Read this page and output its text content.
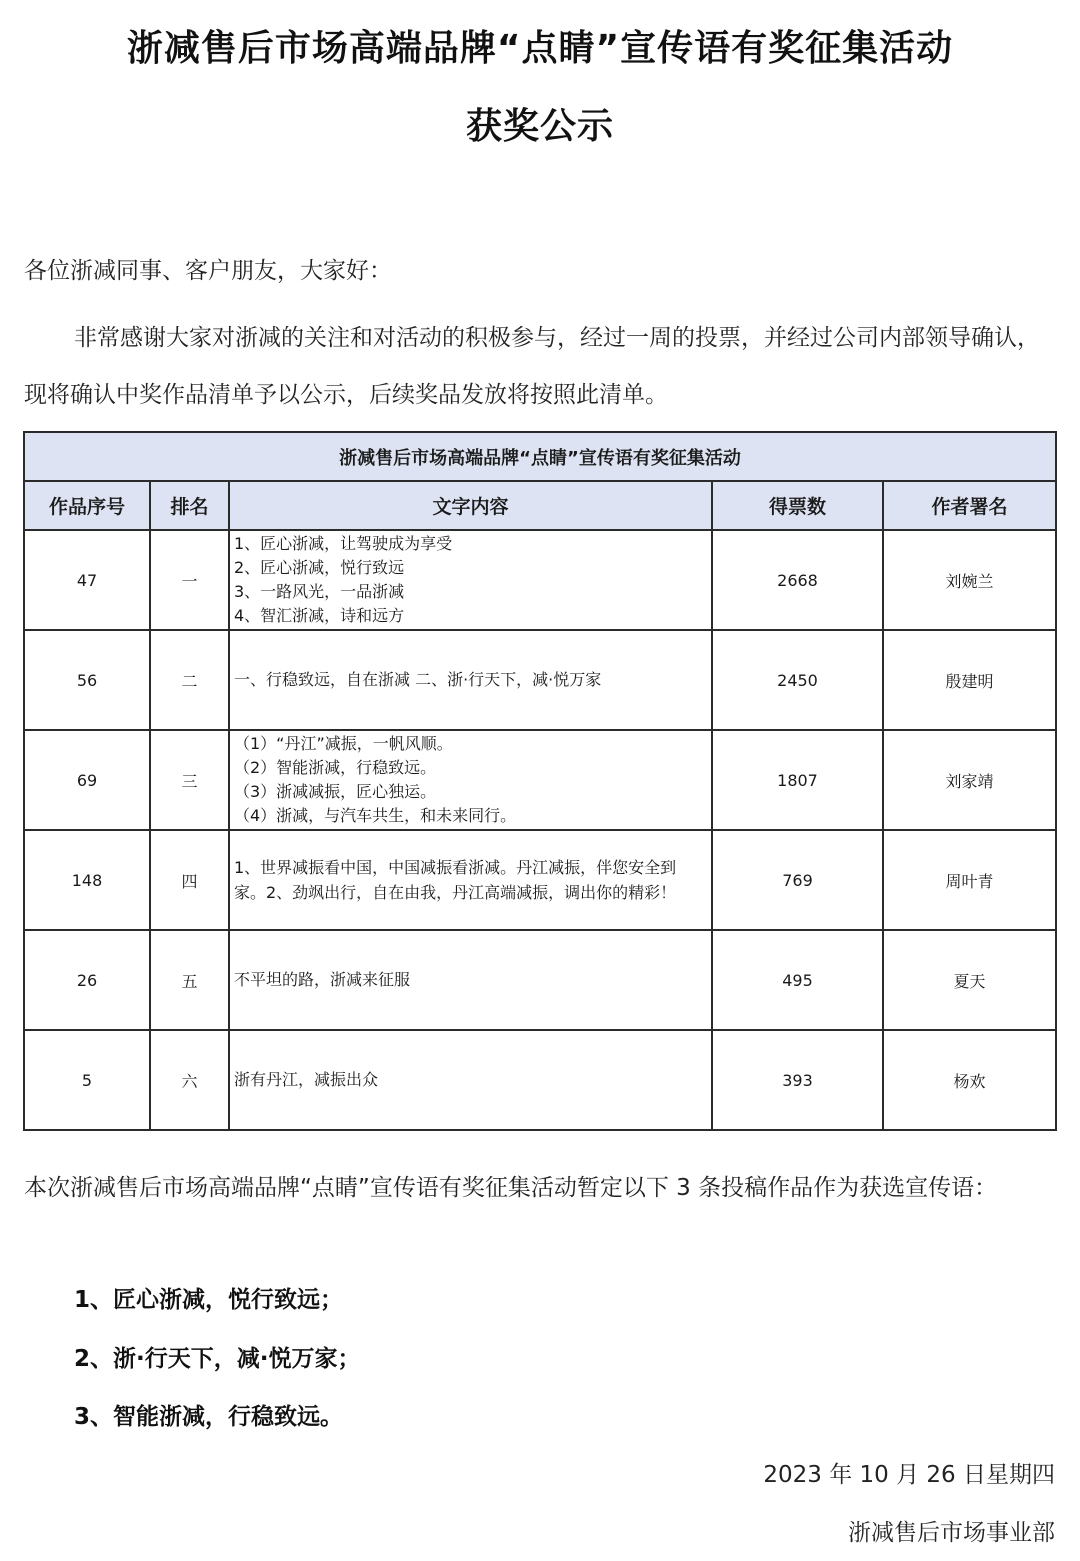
浙减售后市场高端品牌“点睛”宣传语有奖征集活动
获奖公示
各位浙减同事、客户朋友，大家好：
非常感谢大家对浙减的关注和对活动的积极参与，经过一周的投票，并经过公司内部领导确认，现将确认中奖作品清单予以公示，后续奖品发放将按照此清单。
浙减售后市场高端品牌“点睛”宣传语有奖征集活动				
作品序号	排名	文字内容	得票数	作者署名
47	一	1、匠心浙减，让驾驶成为享受
2、匠心浙减，悦行致远
3、一路风光，一品浙减
4、智汇浙减，诗和远方	2668	刘婉兰
56	二	一、行稳致远，自在浙减 二、浙·行天下，减·悦万家	2450	殷建明
69	三	（1）“丹江”减振，一帆风顺。
（2）智能浙减，行稳致远。
（3）浙减减振，匠心独运。
（4）浙减，与汽车共生，和未来同行。	1807	刘家靖
148	四	1、世界减振看中国，中国减振看浙减。丹江减振，伴您安全到家。2、劲飒出行，自在由我，丹江高端减振，调出你的精彩！	769	周叶青
26	五	不平坦的路，浙减来征服	495	夏天
5	六	浙有丹江，减振出众	393	杨欢
本次浙减售后市场高端品牌“点睛”宣传语有奖征集活动暂定以下 3 条投稿作品作为获选宣传语：
1、匠心浙减，悦行致远；
2、浙·行天下，减·悦万家；
3、智能浙减，行稳致远。
2023 年 10 月 26 日星期四
浙减售后市场事业部
